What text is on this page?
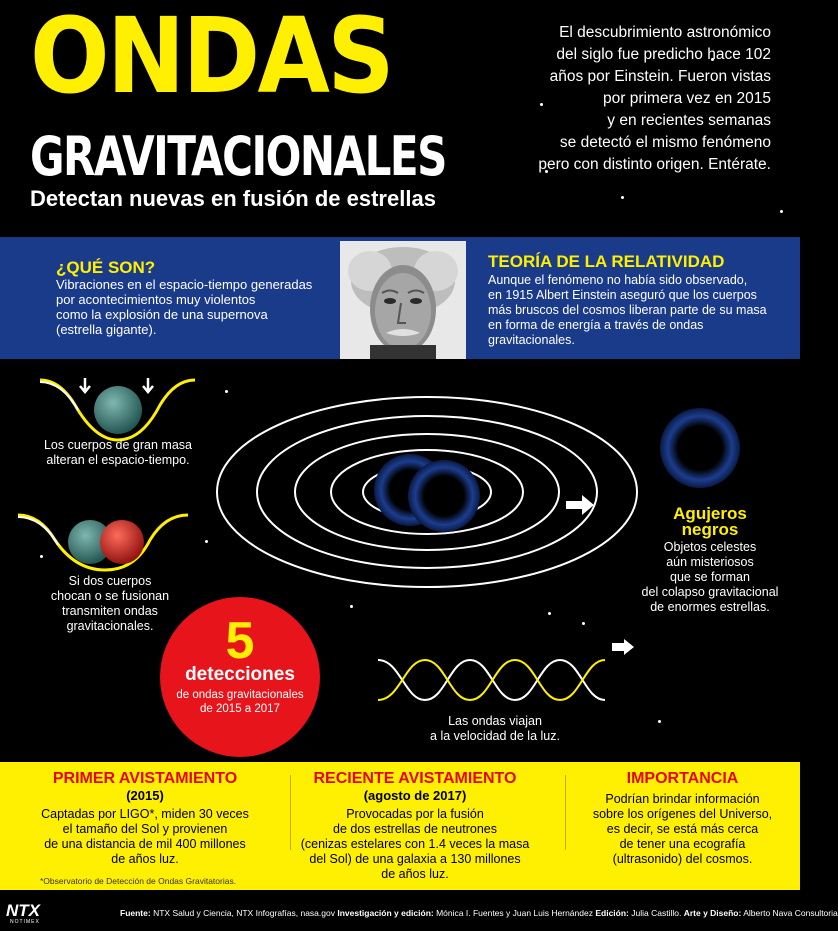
ONDAS
GRAVITACIONALES
Detectan nuevas en fusión de estrellas
El descubrimiento astronómico
del siglo fue predicho hace 102
años por Einstein. Fueron vistas
por primera vez en 2015
y en recientes semanas
se detectó el mismo fenómeno
pero con distinto origen. Entérate.
¿QUÉ SON?
Vibraciones en el espacio-tiempo generadas
por acontecimientos muy violentos
como la explosión de una supernova
(estrella gigante).
TEORÍA DE LA RELATIVIDAD
Aunque el fenómeno no había sido observado,
en 1915 Albert Einstein aseguró que los cuerpos
más bruscos del cosmos liberan parte de su masa
en forma de energía a través de ondas
gravitacionales.
Los cuerpos de gran masa
alteran el espacio-tiempo.
Si dos cuerpos
chocan o se fusionan
transmiten ondas
gravitacionales.
Las ondas viajan
a la velocidad de la luz.
5
detecciones
de ondas gravitacionales
de 2015 a 2017
Agujeros
negros
Objetos celestes
aún misteriosos
que se forman
del colapso gravitacional
de enormes estrellas.
PRIMER AVISTAMIENTO
(2015)
Captadas por LIGO*, miden 30 veces
el tamaño del Sol y provienen
de una distancia de mil 400 millones
de años luz.
RECIENTE AVISTAMIENTO
(agosto de 2017)
Provocadas por la fusión
de dos estrellas de neutrones
(cenizas estelares con 1.4 veces la masa
del Sol) de una galaxia a 130 millones
de años luz.
IMPORTANCIA
Podrían brindar información
sobre los orígenes del Universo,
es decir, se está más cerca
de tener una ecografía
(ultrasonido) del cosmos.
*Observatorio de Detección de Ondas Gravitatorias.
NTX
NOTIMEX
Fuente: NTX Salud y Ciencia, NTX Infografías, nasa.gov Investigación y edición: Mónica I. Fuentes y Juan Luis Hernández Edición: Julia Castillo. Arte y Diseño: Alberto Nava Consultoria
